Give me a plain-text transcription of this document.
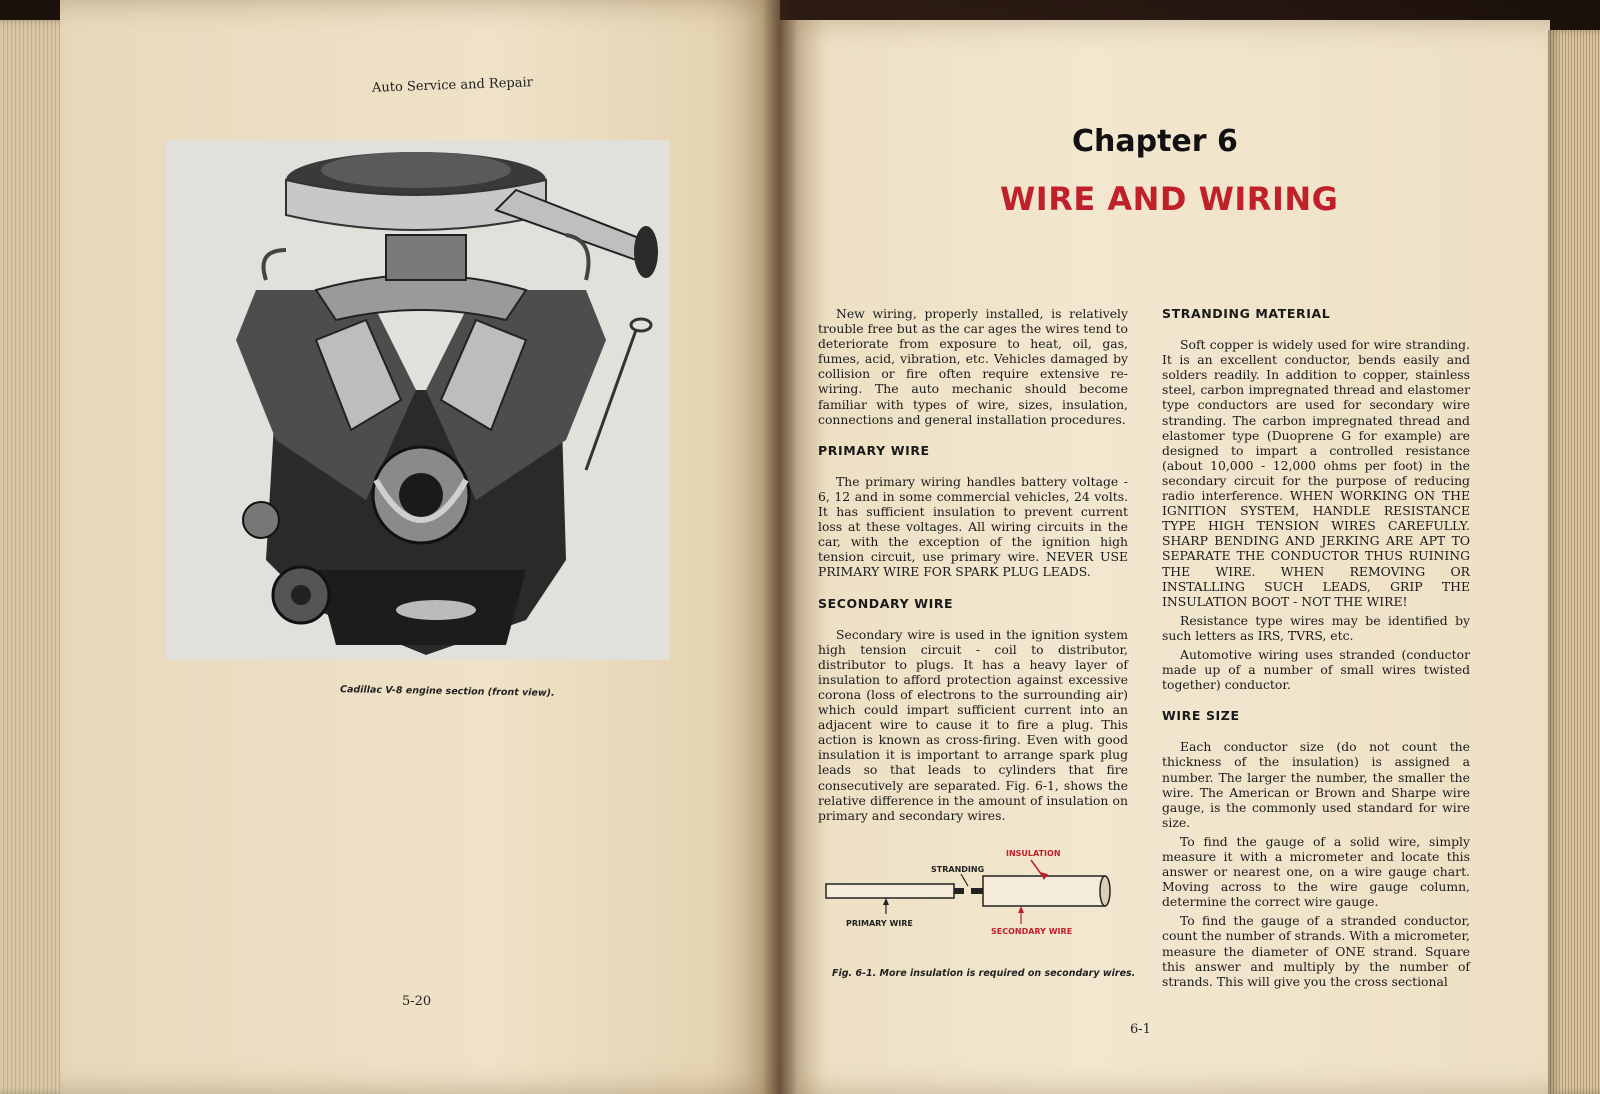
Auto Service and Repair
Cadillac V-8 engine section (front view).
5-20
Chapter 6
WIRE AND WIRING

New wiring, properly installed, is relatively trouble free but as the car ages the wires tend to deteriorate from exposure to heat, oil, gas, fumes, acid, vibration, etc. Vehicles damaged by collision or fire often require extensive re-wiring. The auto mechanic should become familiar with types of wire, sizes, insulation, connections and general installation procedures.

PRIMARY WIRE

The primary wiring handles battery voltage - 6, 12 and in some commercial vehicles, 24 volts. It has sufficient insulation to prevent current loss at these voltages. All wiring circuits in the car, with the exception of the ignition high tension circuit, use primary wire. NEVER USE PRIMARY WIRE FOR SPARK PLUG LEADS.

SECONDARY WIRE

Secondary wire is used in the ignition system high tension circuit - coil to distributor, distributor to plugs. It has a heavy layer of insulation to afford protection against excessive corona (loss of electrons to the surrounding air) which could impart sufficient current into an adjacent wire to cause it to fire a plug. This action is known as cross-firing. Even with good insulation it is important to arrange spark plug leads so that leads to cylinders that fire consecutively are separated. Fig. 6-1, shows the relative difference in the amount of insulation on primary and secondary wires.

INSULATION
STRANDING
PRIMARY WIRE
SECONDARY WIRE
Fig. 6-1. More insulation is required on secondary wires.
STRANDING MATERIAL

Soft copper is widely used for wire stranding. It is an excellent conductor, bends easily and solders readily. In addition to copper, stainless steel, carbon impregnated thread and elastomer type conductors are used for secondary wire stranding. The carbon impregnated thread and elastomer type (Duoprene G for example) are designed to impart a controlled resistance (about 10,000 - 12,000 ohms per foot) in the secondary circuit for the purpose of reducing radio interference. WHEN WORKING ON THE IGNITION SYSTEM, HANDLE RESISTANCE TYPE HIGH TENSION WIRES CAREFULLY. SHARP BENDING AND JERKING ARE APT TO SEPARATE THE CONDUCTOR THUS RUINING THE WIRE. WHEN REMOVING OR INSTALLING SUCH LEADS, GRIP THE INSULATION BOOT - NOT THE WIRE!

Resistance type wires may be identified by such letters as IRS, TVRS, etc.

Automotive wiring uses stranded (conductor made up of a number of small wires twisted together) conductor.

WIRE SIZE

Each conductor size (do not count the thickness of the insulation) is assigned a number. The larger the number, the smaller the wire. The American or Brown and Sharpe wire gauge, is the commonly used standard for wire size.

To find the gauge of a solid wire, simply measure it with a micrometer and locate this answer or nearest one, on a wire gauge chart. Moving across to the wire gauge column, determine the correct wire gauge.

To find the gauge of a stranded conductor, count the number of strands. With a micrometer, measure the diameter of ONE strand. Square this answer and multiply by the number of strands. This will give you the cross sectional

6-1
